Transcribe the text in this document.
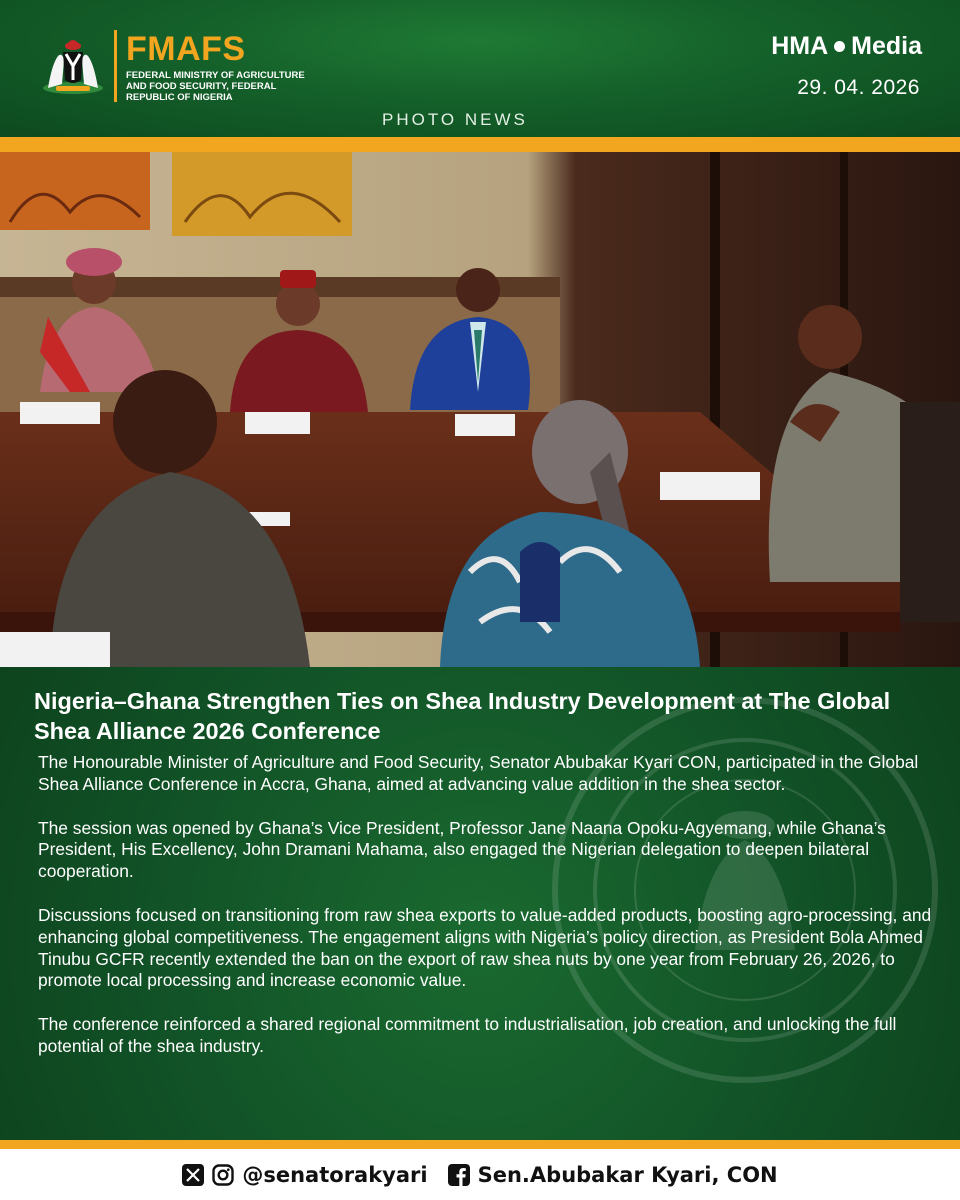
FMAFS
FEDERAL MINISTRY OF AGRICULTURE AND FOOD SECURITY, FEDERAL REPUBLIC OF NIGERIA
HMA Media
29. 04. 2026
PHOTO NEWS
Nigeria–Ghana Strengthen Ties on Shea Industry Development at The Global Shea Alliance 2026 Conference

The Honourable Minister of Agriculture and Food Security, Senator Abubakar Kyari CON, participated in the Global Shea Alliance Conference in Accra, Ghana, aimed at advancing value addition in the shea sector.

The session was opened by Ghana’s Vice President, Professor Jane Naana Opoku-Agyemang, while Ghana’s President, His Excellency, John Dramani Mahama, also engaged the Nigerian delegation to deepen bilateral cooperation.

Discussions focused on transitioning from raw shea exports to value-added products, boosting agro-processing, and enhancing global competitiveness. The engagement aligns with Nigeria’s policy direction, as President Bola Ahmed Tinubu GCFR recently extended the ban on the export of raw shea nuts by one year from February 26, 2026, to promote local processing and increase economic value.

The conference reinforced a shared regional commitment to industrialisation, job creation, and unlocking the full potential of the shea industry.

@senatorakyari Sen.Abubakar Kyari, CON
